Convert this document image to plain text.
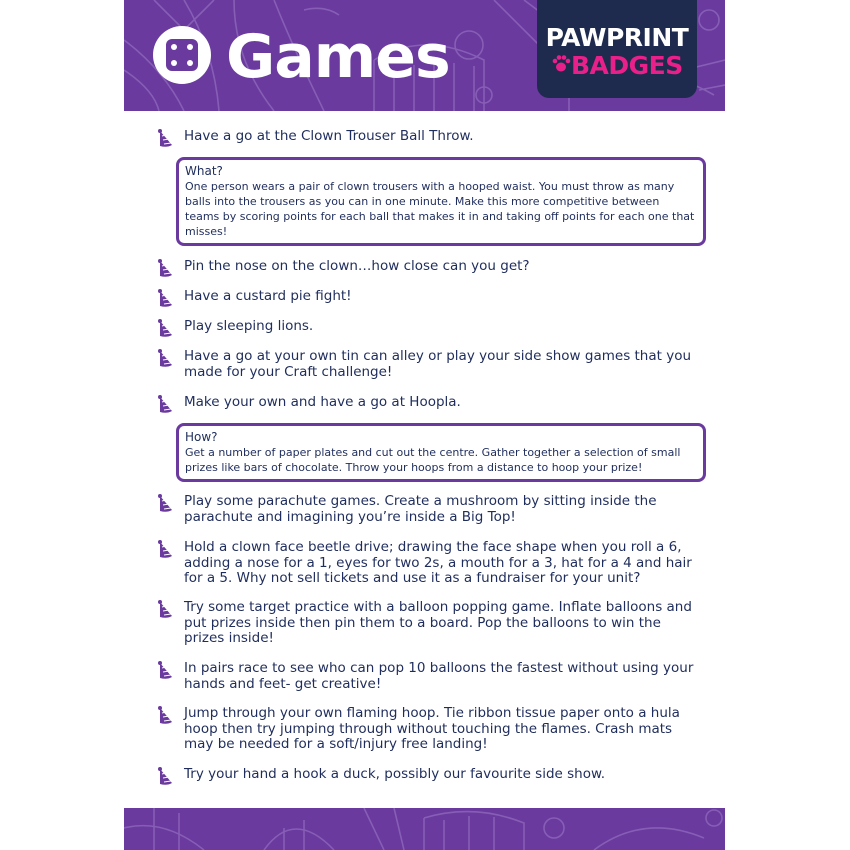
Games	PAWPRINT
BADGES
Have a go at the Clown Trouser Ball Throw.
What?
One person wears a pair of clown trousers with a hooped waist. You must throw as many balls into the trousers as you can in one minute. Make this more competitive between teams by scoring points for each ball that makes it in and taking off points for each one that misses!
Pin the nose on the clown…how close can you get?
Have a custard pie fight!
Play sleeping lions.
Have a go at your own tin can alley or play your side show games that you made for your Craft challenge!
Make your own and have a go at Hoopla.
How?
Get a number of paper plates and cut out the centre. Gather together a selection of small prizes like bars of chocolate. Throw your hoops from a distance to hoop your prize!
Play some parachute games. Create a mushroom by sitting inside the parachute and imagining you’re inside a Big Top!
Hold a clown face beetle drive; drawing the face shape when you roll a 6, adding a nose for a 1, eyes for two 2s, a mouth for a 3, hat for a 4 and hair for a 5. Why not sell tickets and use it as a fundraiser for your unit?
Try some target practice with a balloon popping game. Inflate balloons and put prizes inside then pin them to a board. Pop the balloons to win the prizes inside!
In pairs race to see who can pop 10 balloons the fastest without using your hands and feet- get creative!
Jump through your own flaming hoop. Tie ribbon tissue paper onto a hula hoop then try jumping through without touching the flames. Crash mats may be needed for a soft/injury free landing!
Try your hand a hook a duck, possibly our favourite side show.
